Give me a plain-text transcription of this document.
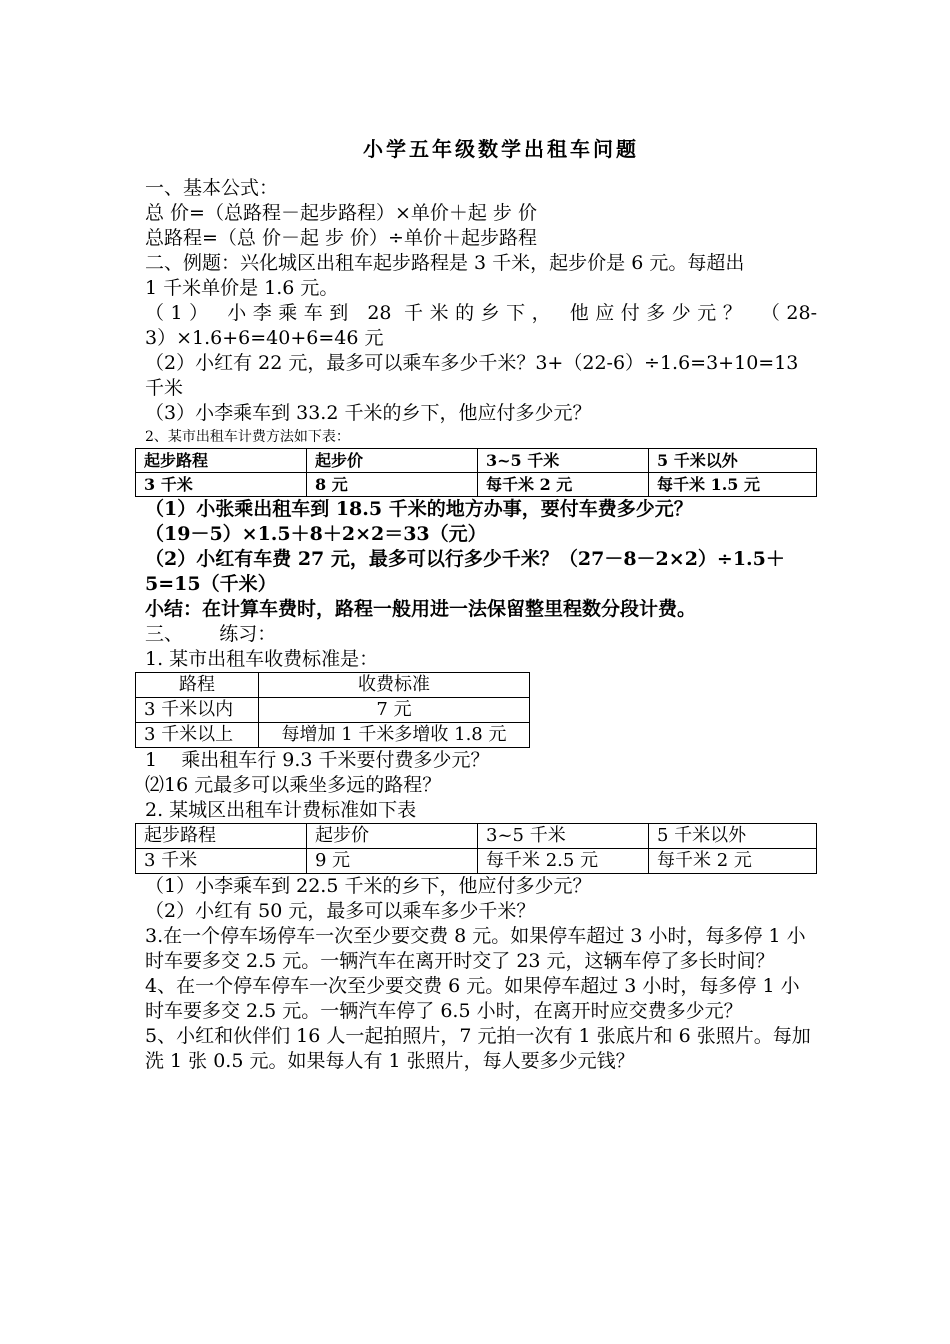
小学五年级数学出租车问题

一、基本公式：

总 价=（总路程－起步路程）×单价＋起 步 价

总路程=（总 价－起 步 价）÷单价＋起步路程

二、例题：兴化城区出租车起步路程是 3 千米，起步价是 6 元。每超出

1 千米单价是 1.6 元。

（1） 小李乘车到 28 千米的乡下， 他应付多少元？ （28-

3）×1.6+6=40+6=46 元

（2）小红有 22 元，最多可以乘车多少千米？3+（22-6）÷1.6=3+10=13

千米

（3）小李乘车到 33.2 千米的乡下，他应付多少元？

2、某市出租车计费方法如下表：

起步路程	起步价	3~5 千米	5 千米以外
3 千米	8 元	每千米 2 元	每千米 1.5 元

（1）小张乘出租车到 18.5 千米的地方办事，要付车费多少元？

（19－5）×1.5＋8＋2×2＝33（元）

（2）小红有车费 27 元，最多可以行多少千米？（27－8－2×2）÷1.5＋

5=15（千米）

小结：在计算车费时，路程一般用进一法保留整里程数分段计费。

三、      练习：

1. 某市出租车收费标准是：

路程	收费标准
3 千米以内	7 元
3 千米以上	每增加 1 千米多增收 1.8 元

1    乘出租车行 9.3 千米要付费多少元？

⑵16 元最多可以乘坐多远的路程？

2. 某城区出租车计费标准如下表

起步路程	起步价	3~5 千米	5 千米以外
3 千米	9 元	每千米 2.5 元	每千米 2 元

（1）小李乘车到 22.5 千米的乡下，他应付多少元？

（2）小红有 50 元，最多可以乘车多少千米？

3.在一个停车场停车一次至少要交费 8 元。如果停车超过 3 小时，每多停 1 小时车要多交 2.5 元。一辆汽车在离开时交了 23 元，这辆车停了多长时间？

4、在一个停车停车一次至少要交费 6 元。如果停车超过 3 小时，每多停 1 小时车要多交 2.5 元。一辆汽车停了 6.5 小时，在离开时应交费多少元？

5、小红和伙伴们 16 人一起拍照片，7 元拍一次有 1 张底片和 6 张照片。每加洗 1 张 0.5 元。如果每人有 1 张照片，每人要多少元钱？
